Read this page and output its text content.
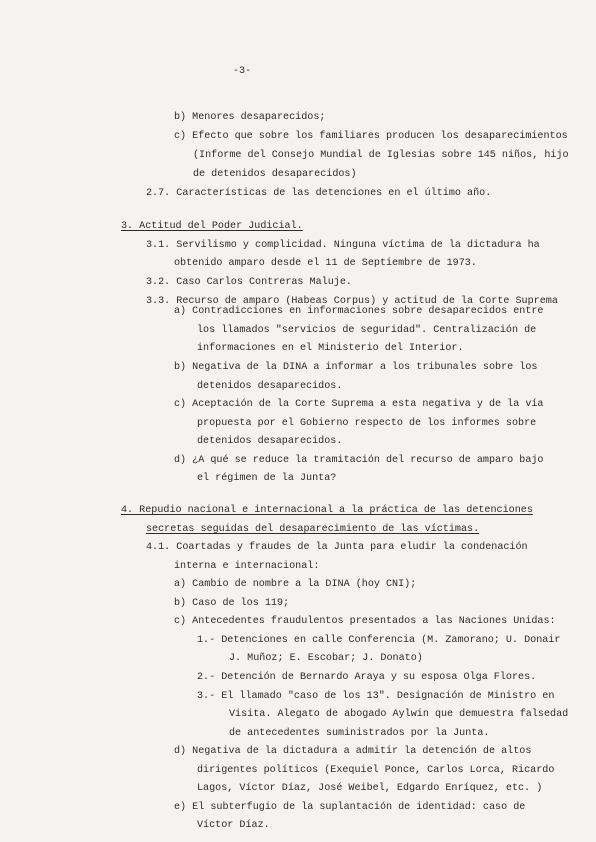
-3-
b) Menores desaparecidos;
c) Efecto que sobre los familiares producen los desaparecimientos
(Informe del Consejo Mundial de Iglesias sobre 145 niños, hijo
de detenidos desaparecidos)
2.7. Características de las detenciones en el último año.
3. Actitud del Poder Judicial.
3.1. Servilismo y complicidad. Ninguna víctima de la dictadura ha
obtenido amparo desde el 11 de Septiembre de 1973.
3.2. Caso Carlos Contreras Maluje.
3.3. Recurso de amparo (Habeas Corpus) y actitud de la Corte Suprema
a) Contradicciones en informaciones sobre desaparecidos entre
los llamados "servicios de seguridad". Centralización de
informaciones en el Ministerio del Interior.
b) Negativa de la DINA a informar a los tribunales sobre los
detenidos desaparecidos.
c) Aceptación de la Corte Suprema a esta negativa y de la vía
propuesta por el Gobierno respecto de los informes sobre
detenidos desaparecidos.
d) ¿A qué se reduce la tramitación del recurso de amparo bajo
el régimen de la Junta?
4. Repudio nacional e internacional a la práctica de las detenciones
secretas seguidas del desaparecimiento de las víctimas.
4.1. Coartadas y fraudes de la Junta para eludir la condenación
interna e internacional:
a) Cambio de nombre a la DINA (hoy CNI);
b) Caso de los 119;
c) Antecedentes fraudulentos presentados a las Naciones Unidas:
1.- Detenciones en calle Conferencia (M. Zamorano; U. Donair
J. Muñoz; E. Escobar; J. Donato)
2.- Detención de Bernardo Araya y su esposa Olga Flores.
3.- El llamado "caso de los 13". Designación de Ministro en
Visita. Alegato de abogado Aylwin que demuestra falsedad
de antecedentes suministrados por la Junta.
d) Negativa de la dictadura a admitir la detención de altos
dirigentes políticos (Exequiel Ponce, Carlos Lorca, Ricardo
Lagos, Víctor Díaz, José Weibel, Edgardo Enríquez, etc. )
e) El subterfugio de la suplantación de identidad: caso de
Víctor Díaz.
